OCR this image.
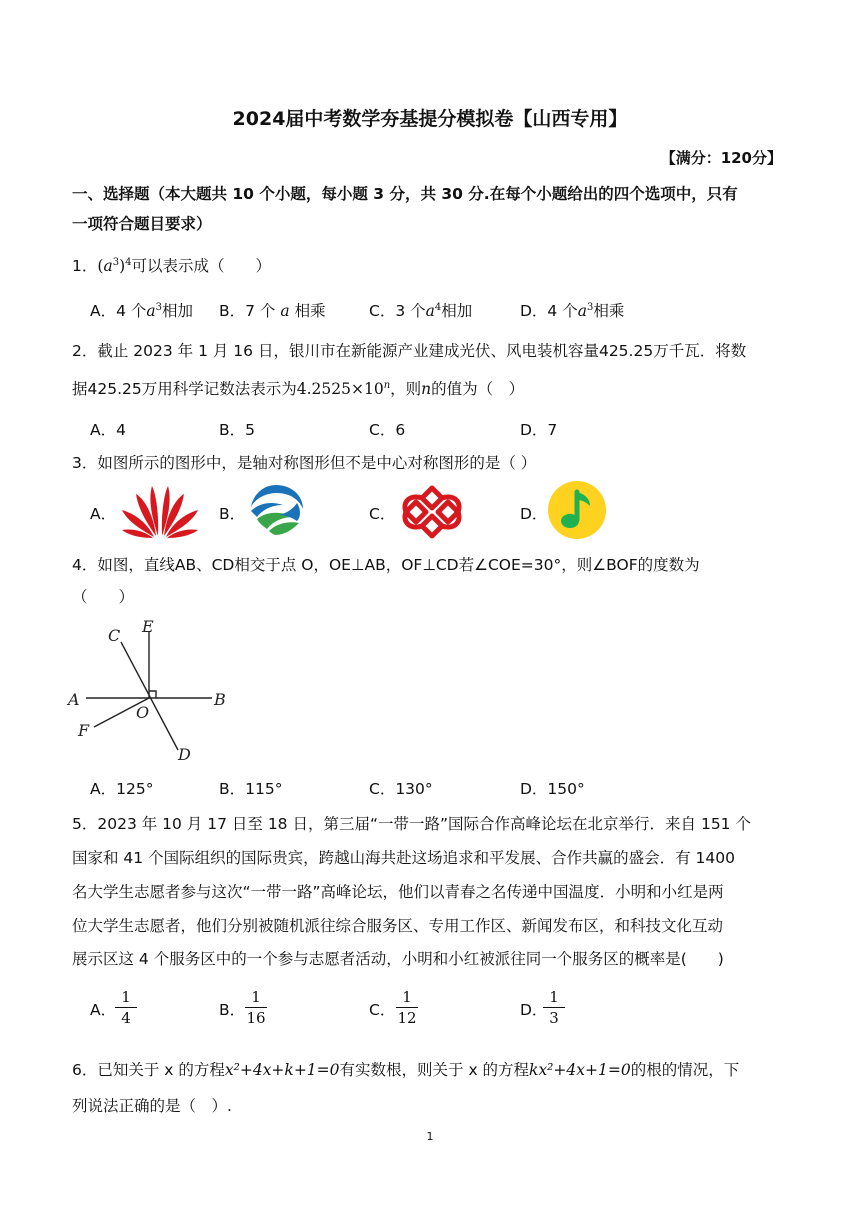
2024届中考数学夯基提分模拟卷【山西专用】
【满分：120分】
一、选择题（本大题共 10 个小题，每小题 3 分，共 30 分.在每个小题给出的四个选项中，只有
一项符合题目要求）
1．$(a^3)^4$可以表示成（　　）
A．4 个$a^3$相加 B．7 个 a 相乘	C．3 个$a^4$相加	D．4 个$a^3$相乘
2．截止 2023 年 1 月 16 日，银川市在新能源产业建成光伏、风电装机容量425.25万千瓦．将数
据425.25万用科学记数法表示为$4.2525\times 10^n$，则n的值为（　）
A．4	B．5	C．6	D．7
3．如图所示的图形中，是轴对称图形但不是中心对称图形的是（ ）
A．	B．	C．	D．
4．如图，直线AB、CD相交于点 O，OE⊥AB，OF⊥CD若∠COE=30°，则∠BOF的度数为
（　　）
C E
A	B
O
F
D
A．125°	B．115°	C．130°	D．150°
5．2023 年 10 月 17 日至 18 日，第三届“一带一路”国际合作高峰论坛在北京举行．来自 151 个
国家和 41 个国际组织的国际贵宾，跨越山海共赴这场追求和平发展、合作共赢的盛会．有 1400
名大学生志愿者参与这次“一带一路”高峰论坛，他们以青春之名传递中国温度．小明和小红是两
位大学生志愿者，他们分别被随机派往综合服务区、专用工作区、新闻发布区，和科技文化互动
展示区这 4 个服务区中的一个参与志愿者活动，小明和小红被派往同一个服务区的概率是(　　)
A．
$\frac{1}{4}$	B． $\frac{1}{16}$	C． $\frac{1}{12}$	D．
$\frac{1}{3}$
6．已知关于 x 的方程x²+4x+k+1=0有实数根，则关于 x 的方程kx²+4x+1=0的根的情况，下
列说法正确的是（　）.
1
